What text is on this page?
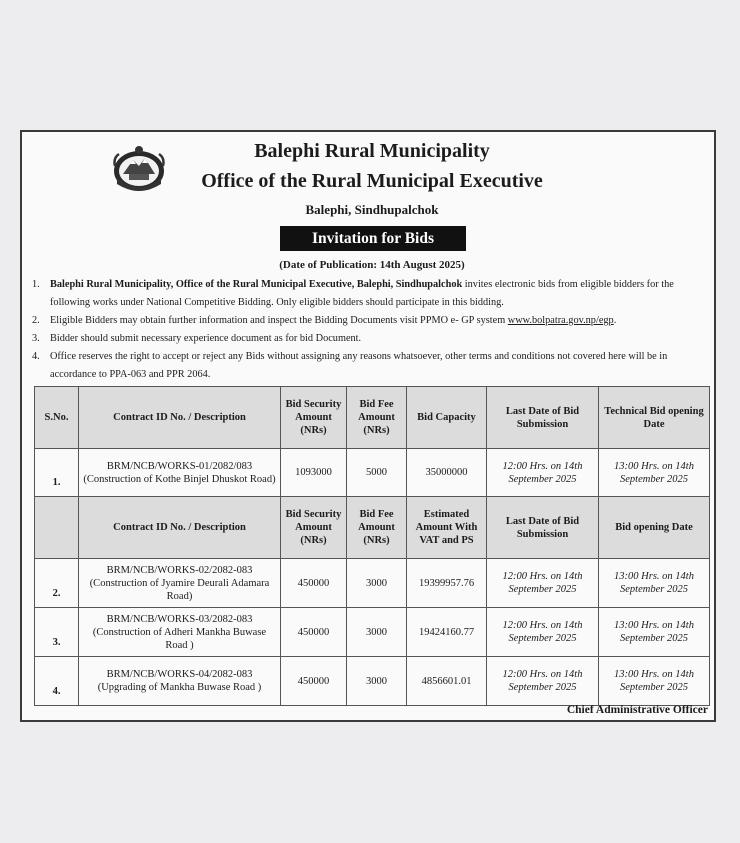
Balephi Rural Municipality
Office of the Rural Municipal Executive
Balephi, Sindhupalchok
Invitation for Bids
(Date of Publication: 14th August 2025)
1. Balephi Rural Municipality, Office of the Rural Municipal Executive, Balephi, Sindhupalchok invites electronic bids from eligible bidders for the following works under National Competitive Bidding. Only eligible bidders should participate in this bidding.
2. Eligible Bidders may obtain further information and inspect the Bidding Documents visit PPMO e- GP system www.bolpatra.gov.np/egp.
3. Bidder should submit necessary experience document as for bid Document.
4. Office reserves the right to accept or reject any Bids without assigning any reasons whatsoever, other terms and conditions not covered here will be in accordance to PPA-063 and PPR 2064.
S.No.	Contract ID No. / Description	Bid Security Amount (NRs)	Bid Fee Amount (NRs)	Bid Capacity	Last Date of Bid Submission	Technical Bid opening Date
1.	BRM/NCB/WORKS-01/2082/083
(Construction of Kothe Binjel Dhuskot Road)	1093000	5000	35000000	12:00 Hrs. on 14th
September 2025	13:00 Hrs. on 14th
September 2025
	Contract ID No. / Description	Bid Security Amount (NRs)	Bid Fee Amount (NRs)	Estimated Amount With VAT and PS	Last Date of Bid Submission	Bid opening Date
2.	BRM/NCB/WORKS-02/2082-083
(Construction of Jyamire Deurali Adamara Road)	450000	3000	19399957.76	12:00 Hrs. on 14th
September 2025	13:00 Hrs. on 14th
September 2025
3.	BRM/NCB/WORKS-03/2082-083
(Construction of Adheri Mankha Buwase Road )	450000	3000	19424160.77	12:00 Hrs. on 14th
September 2025	13:00 Hrs. on 14th
September 2025
4.	BRM/NCB/WORKS-04/2082-083
(Upgrading of Mankha Buwase Road )	450000	3000	4856601.01	12:00 Hrs. on 14th
September 2025	13:00 Hrs. on 14th
September 2025
Chief Administrative Officer
